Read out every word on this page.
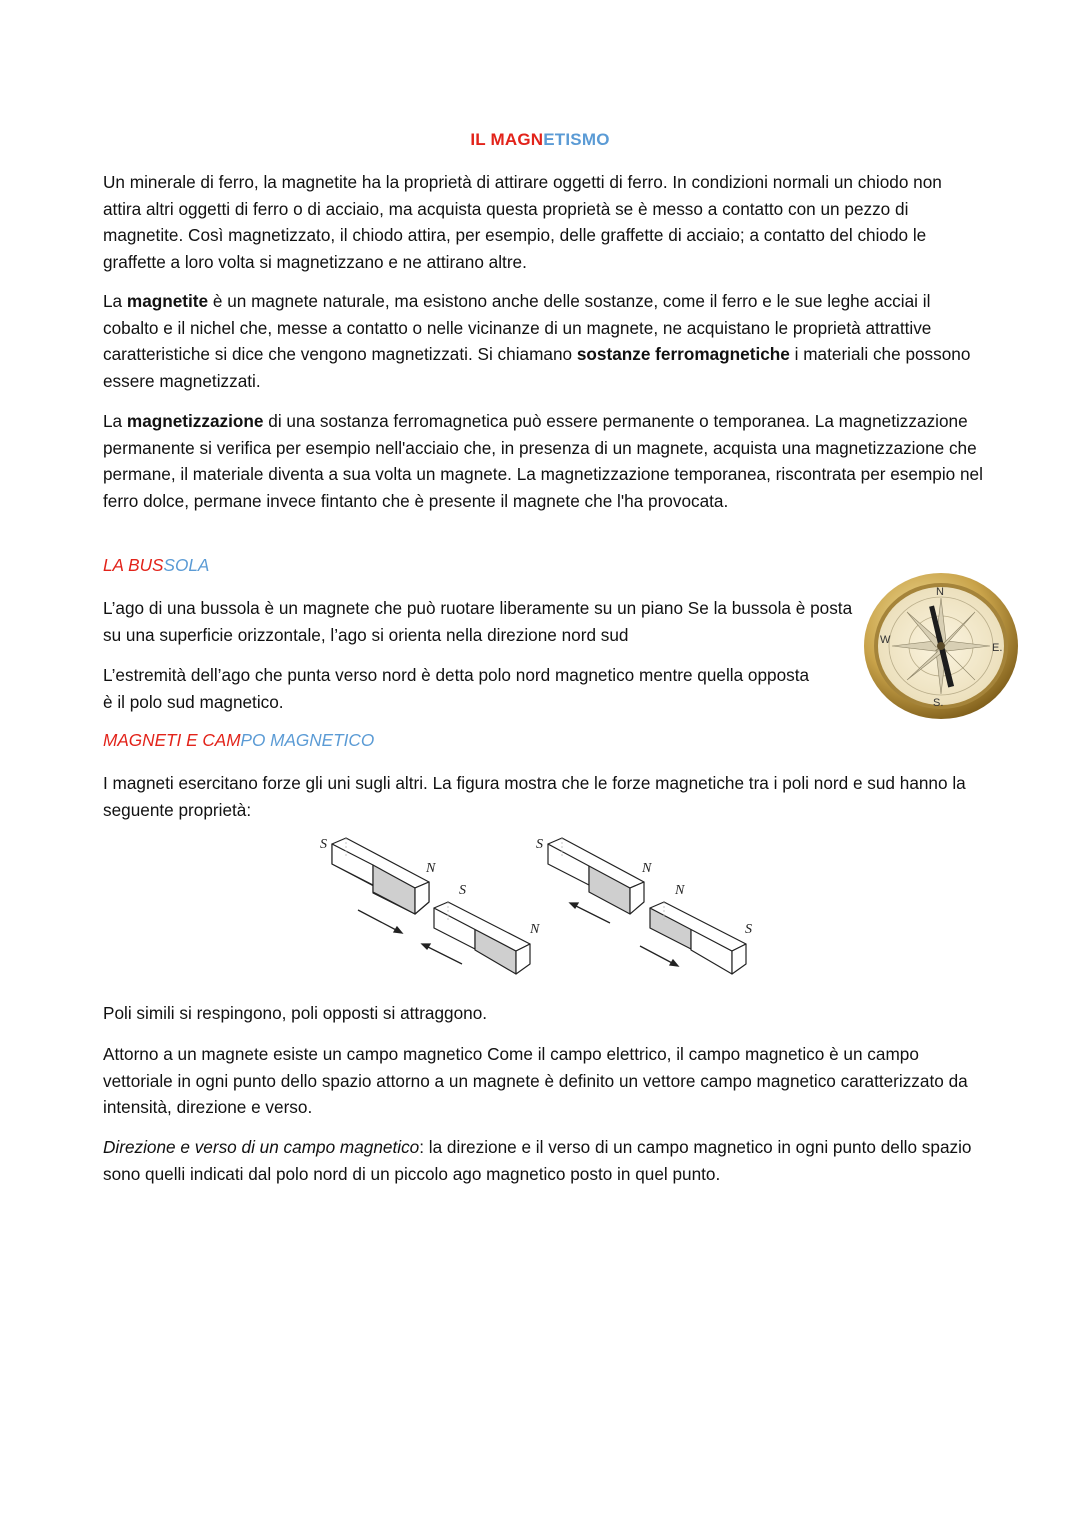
IL MAGNETISMO

Un minerale di ferro, la magnetite ha la proprietà di attirare oggetti di ferro. In condizioni normali un chiodo non attira altri oggetti di ferro o di acciaio, ma acquista questa proprietà se è messo a contatto con un pezzo di magnetite. Così magnetizzato, il chiodo attira, per esempio, delle graffette di acciaio; a contatto del chiodo le graffette a loro volta si magnetizzano e ne attirano altre.

La magnetite è un magnete naturale, ma esistono anche delle sostanze, come il ferro e le sue leghe acciai il cobalto e il nichel che, messe a contatto o nelle vicinanze di un magnete, ne acquistano le proprietà attrattive caratteristiche si dice che vengono magnetizzati. Si chiamano sostanze ferromagnetiche i materiali che possono essere magnetizzati.

La magnetizzazione di una sostanza ferromagnetica può essere permanente o temporanea. La magnetizzazione permanente si verifica per esempio nell'acciaio che, in presenza di un magnete, acquista una magnetizzazione che permane, il materiale diventa a sua volta un magnete. La magnetizzazione temporanea, riscontrata per esempio nel ferro dolce, permane invece fintanto che è presente il magnete che l'ha provocata.

LA BUSSOLA

L’ago di una bussola è un magnete che può ruotare liberamente su un piano Se la bussola è posta su una superficie orizzontale, l’ago si orienta nella direzione nord sud

L’estremità dell’ago che punta verso nord è detta polo nord magnetico mentre quella opposta è il polo sud magnetico.

N
S.
E.
W

MAGNETI E CAMPO MAGNETICO

I magneti esercitano forze gli uni sugli altri. La figura mostra che le forze magnetiche tra i poli nord e sud hanno la seguente proprietà:

S
N
S
N
S
N
N
S

Poli simili si respingono, poli opposti si attraggono.

Attorno a un magnete esiste un campo magnetico Come il campo elettrico, il campo magnetico è un campo vettoriale in ogni punto dello spazio attorno a un magnete è definito un vettore campo magnetico caratterizzato da intensità, direzione e verso.

Direzione e verso di un campo magnetico: la direzione e il verso di un campo magnetico in ogni punto dello spazio sono quelli indicati dal polo nord di un piccolo ago magnetico posto in quel punto.
